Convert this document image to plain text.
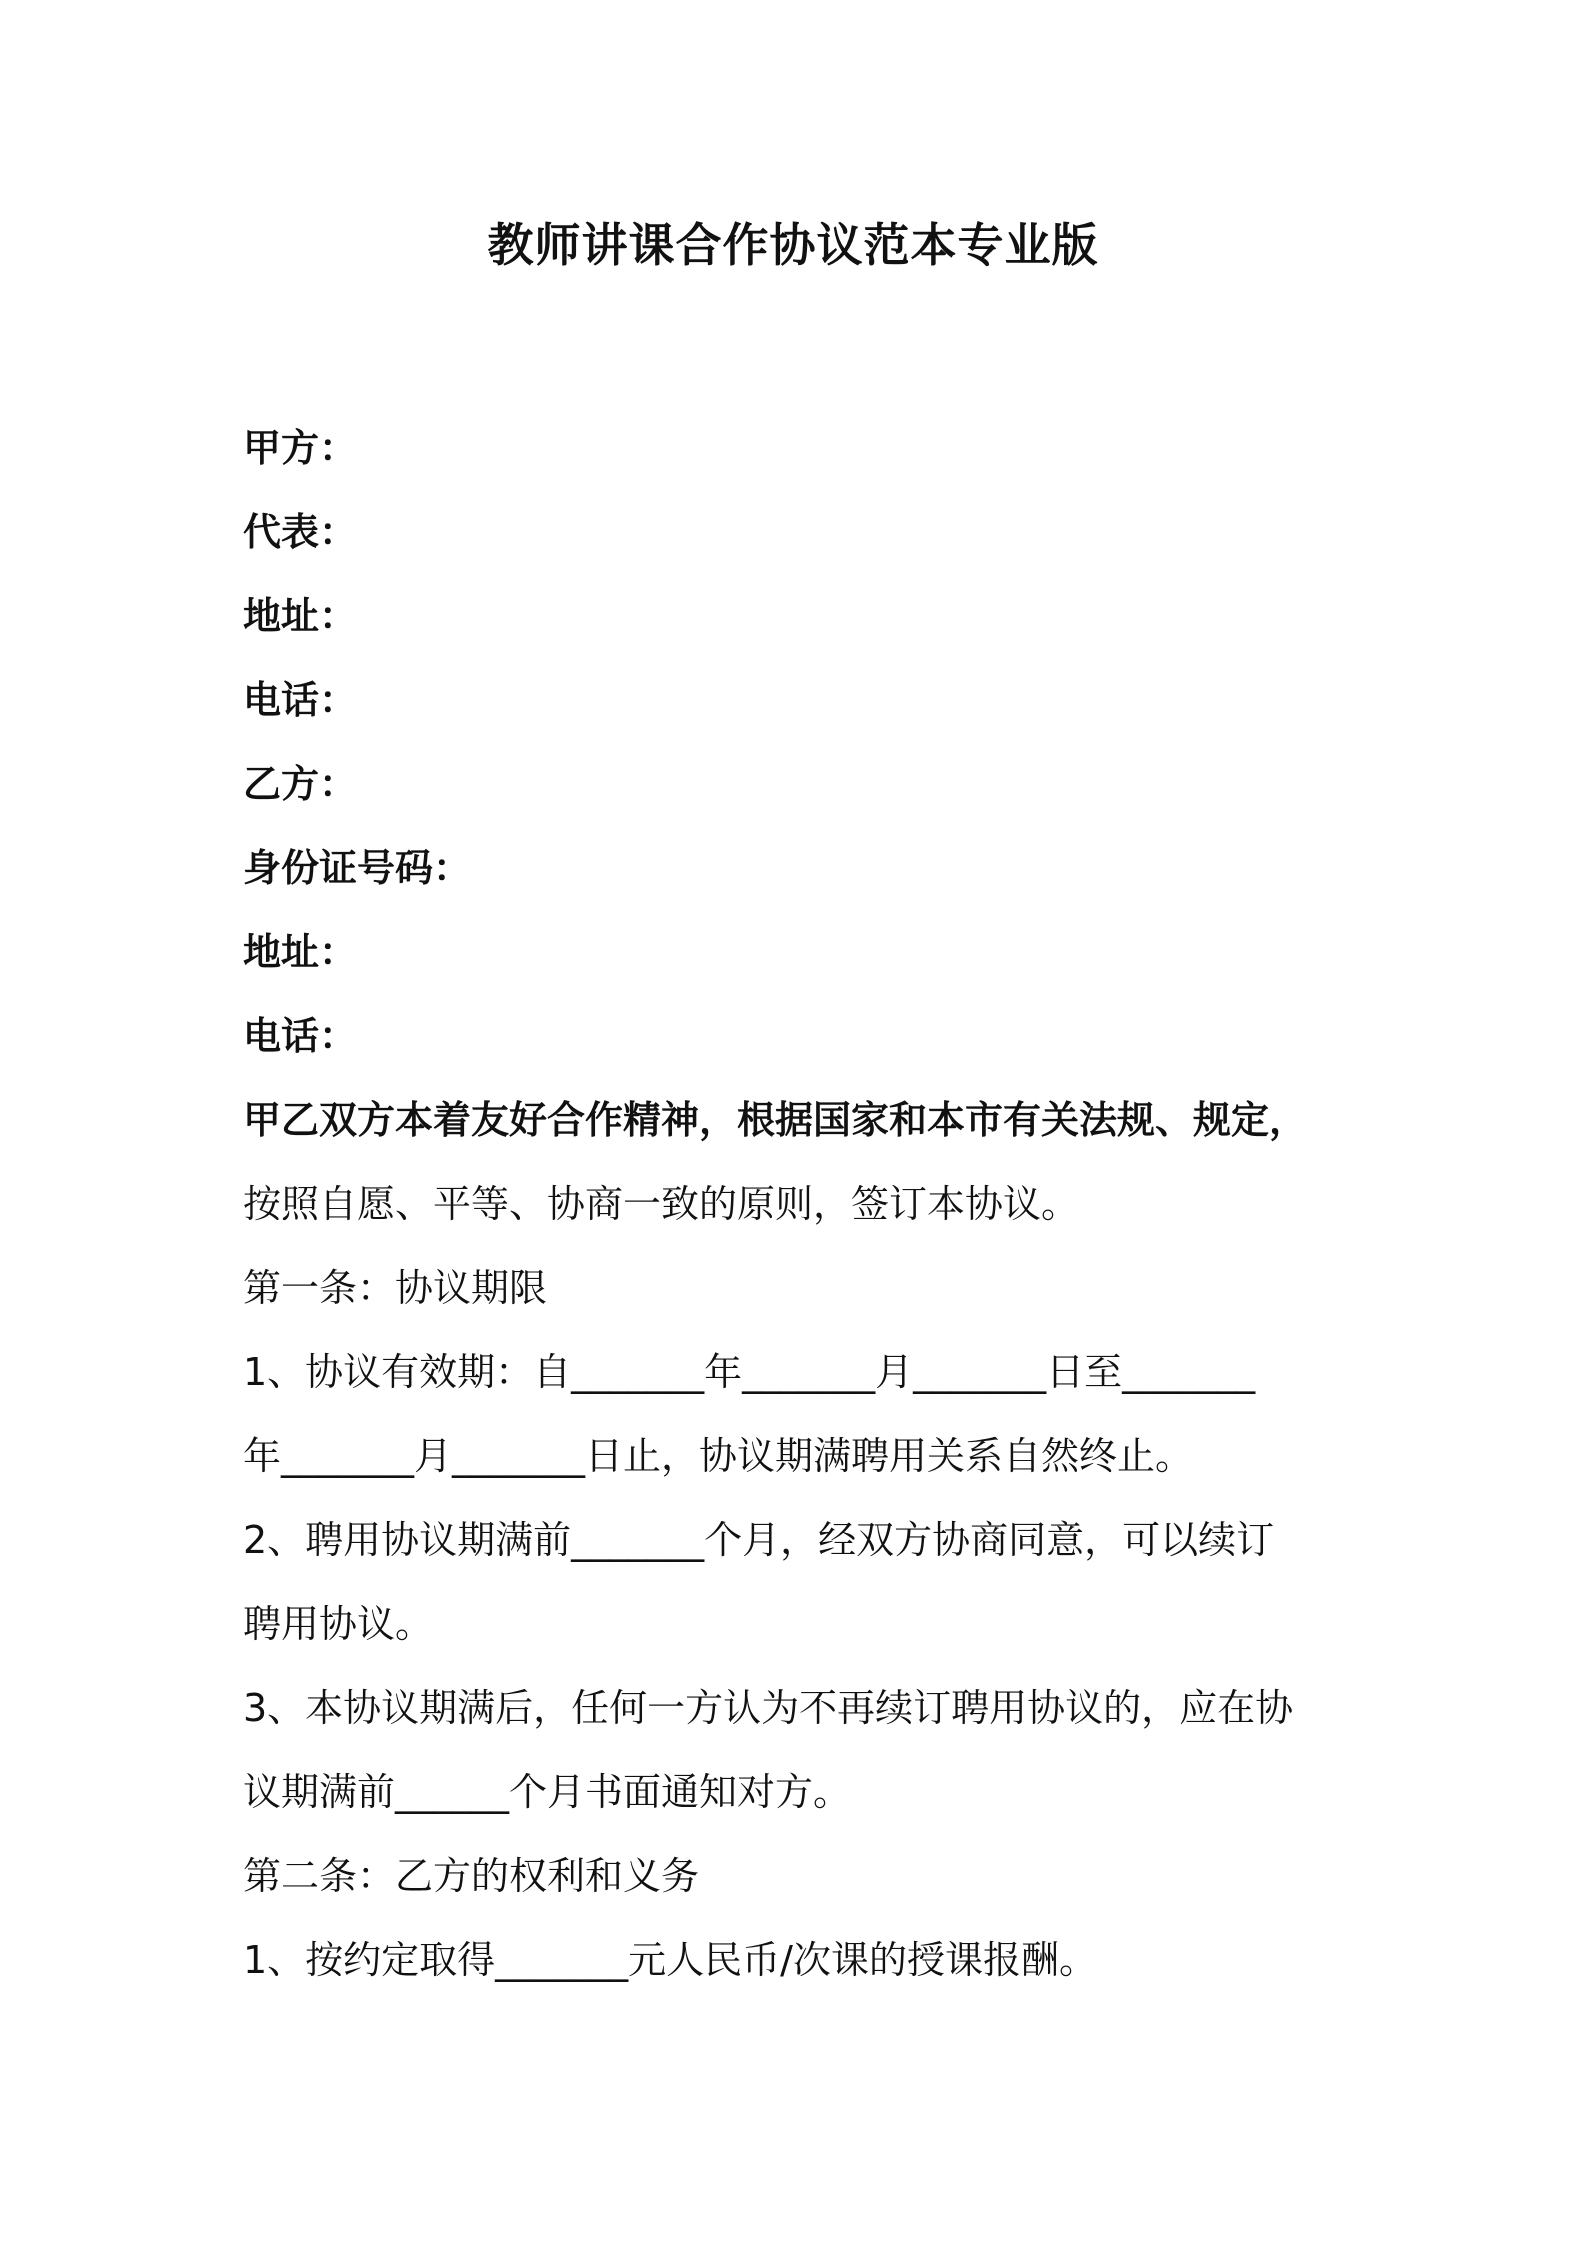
教师讲课合作协议范本专业版
甲方：
代表：
地址：
电话：
乙方：
身份证号码：
地址：
电话：
甲乙双方本着友好合作精神，根据国家和本市有关法规、规定，
按照自愿、平等、协商一致的原则，签订本协议。
第一条：协议期限
1、协议有效期：自_______年_______月_______日至_______
年_______月_______日止，协议期满聘用关系自然终止。
2、聘用协议期满前_______个月，经双方协商同意，可以续订
聘用协议。
3、本协议期满后，任何一方认为不再续订聘用协议的，应在协
议期满前______个月书面通知对方。
第二条：乙方的权利和义务
1、按约定取得_______元人民币/次课的授课报酬。
